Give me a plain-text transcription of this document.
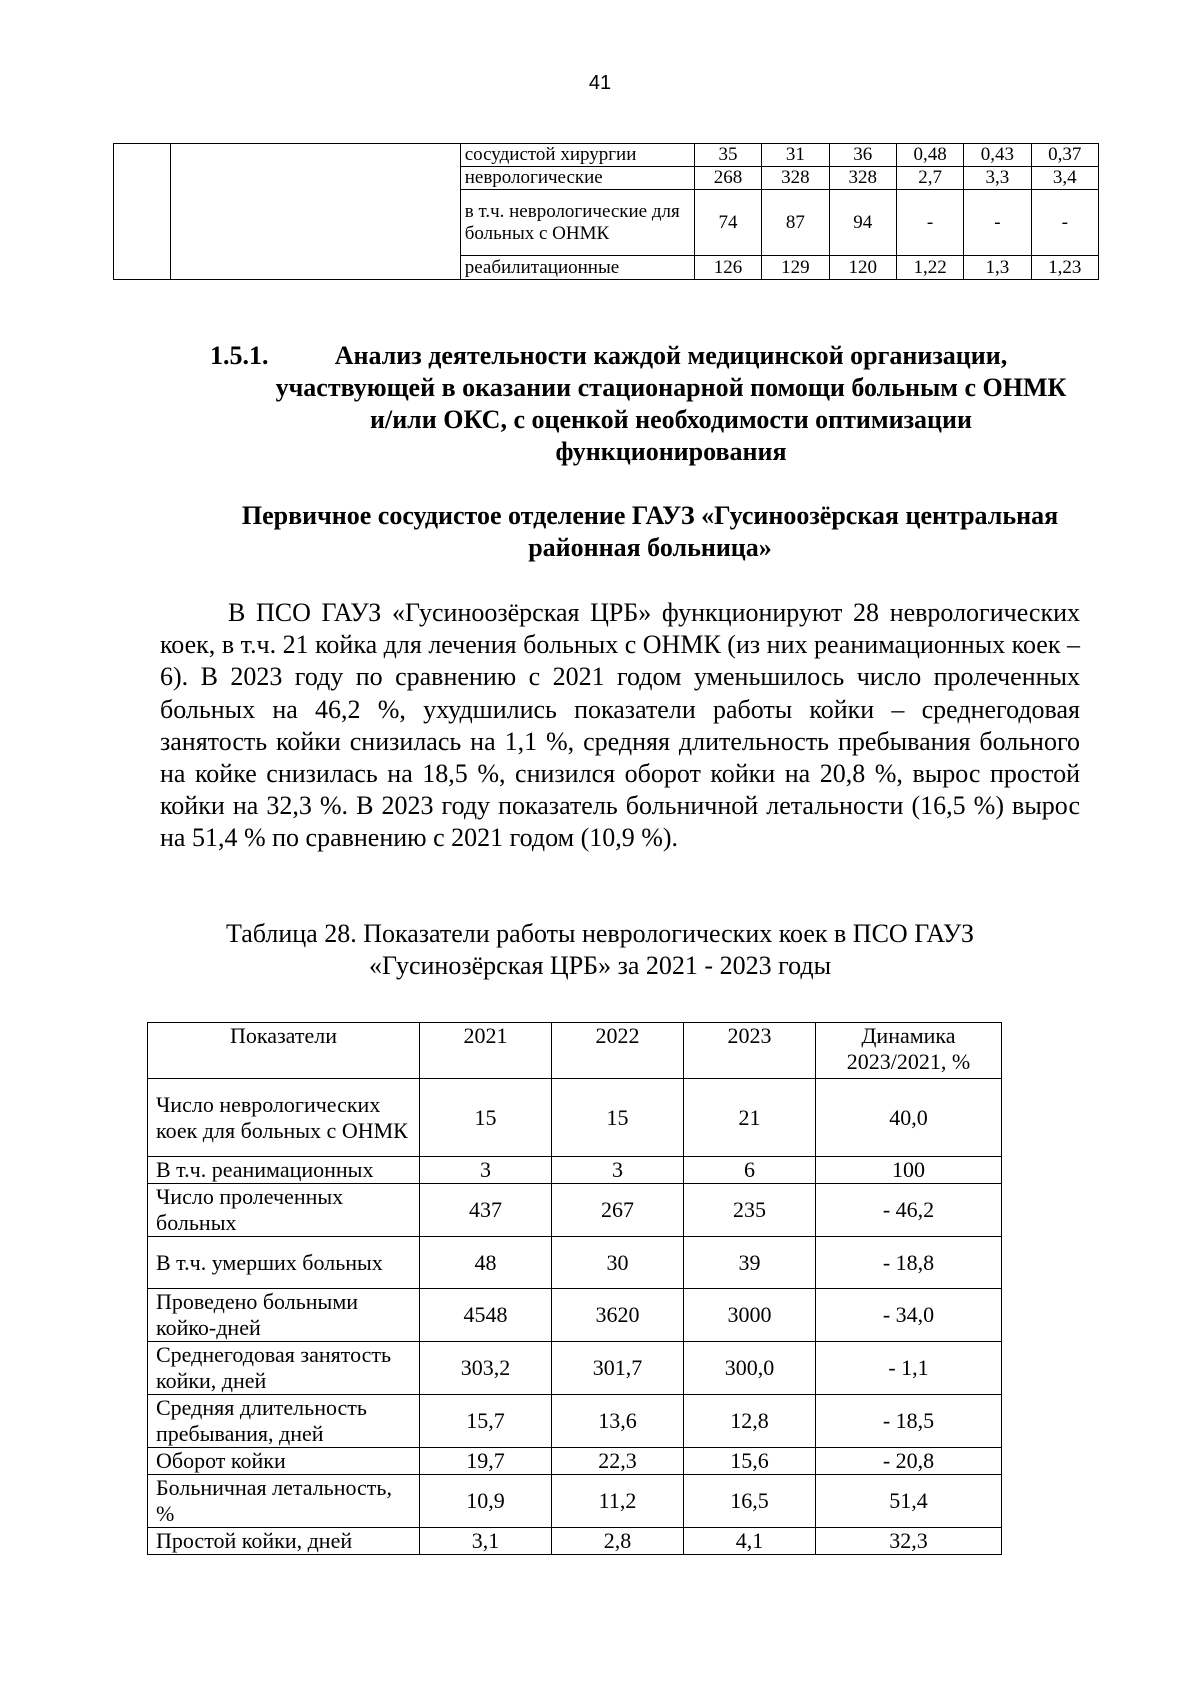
41
		сосудистой хирургии	35	31	36	0,48	0,43	0,37
		неврологические	268	328	328	2,7	3,3	3,4
		в т.ч. неврологические для больных с ОНМК	74	87	94	-	-	-
		реабилитационные	126	129	120	1,22	1,3	1,23
1.5.1.	Анализ деятельности каждой медицинской организации, участвующей в оказании стационарной помощи больным с ОНМК и/или ОКС, с оценкой необходимости оптимизации функционирования
Первичное сосудистое отделение ГАУЗ «Гусиноозёрская центральная районная больница»
В ПСО ГАУЗ «Гусиноозёрская ЦРБ» функционируют 28 неврологических коек, в т.ч. 21 койка для лечения больных с ОНМК (из них реанимационных коек – 6). В 2023 году по сравнению с 2021 годом уменьшилось число пролеченных больных на 46,2 %, ухудшились показатели работы койки – среднегодовая занятость койки снизилась на 1,1 %, средняя длительность пребывания больного на койке снизилась на 18,5 %, снизился оборот койки на 20,8 %, вырос простой койки на 32,3 %. В 2023 году показатель больничной летальности (16,5 %) вырос на 51,4 % по сравнению с 2021 годом (10,9 %).
Таблица 28. Показатели работы неврологических коек в ПСО ГАУЗ
«Гусинозёрская ЦРБ» за 2021 - 2023 годы
Показатели	2021	2022	2023	Динамика 2023/2021, %
Число неврологических коек для больных с ОНМК	15	15	21	40,0
В т.ч. реанимационных	3	3	6	100
Число пролеченных больных	437	267	235	- 46,2
В т.ч. умерших больных	48	30	39	- 18,8
Проведено больными койко-дней	4548	3620	3000	- 34,0
Среднегодовая занятость койки, дней	303,2	301,7	300,0	- 1,1
Средняя длительность пребывания, дней	15,7	13,6	12,8	- 18,5
Оборот койки	19,7	22,3	15,6	- 20,8
Больничная летальность, %	10,9	11,2	16,5	51,4
Простой койки, дней	3,1	2,8	4,1	32,3
